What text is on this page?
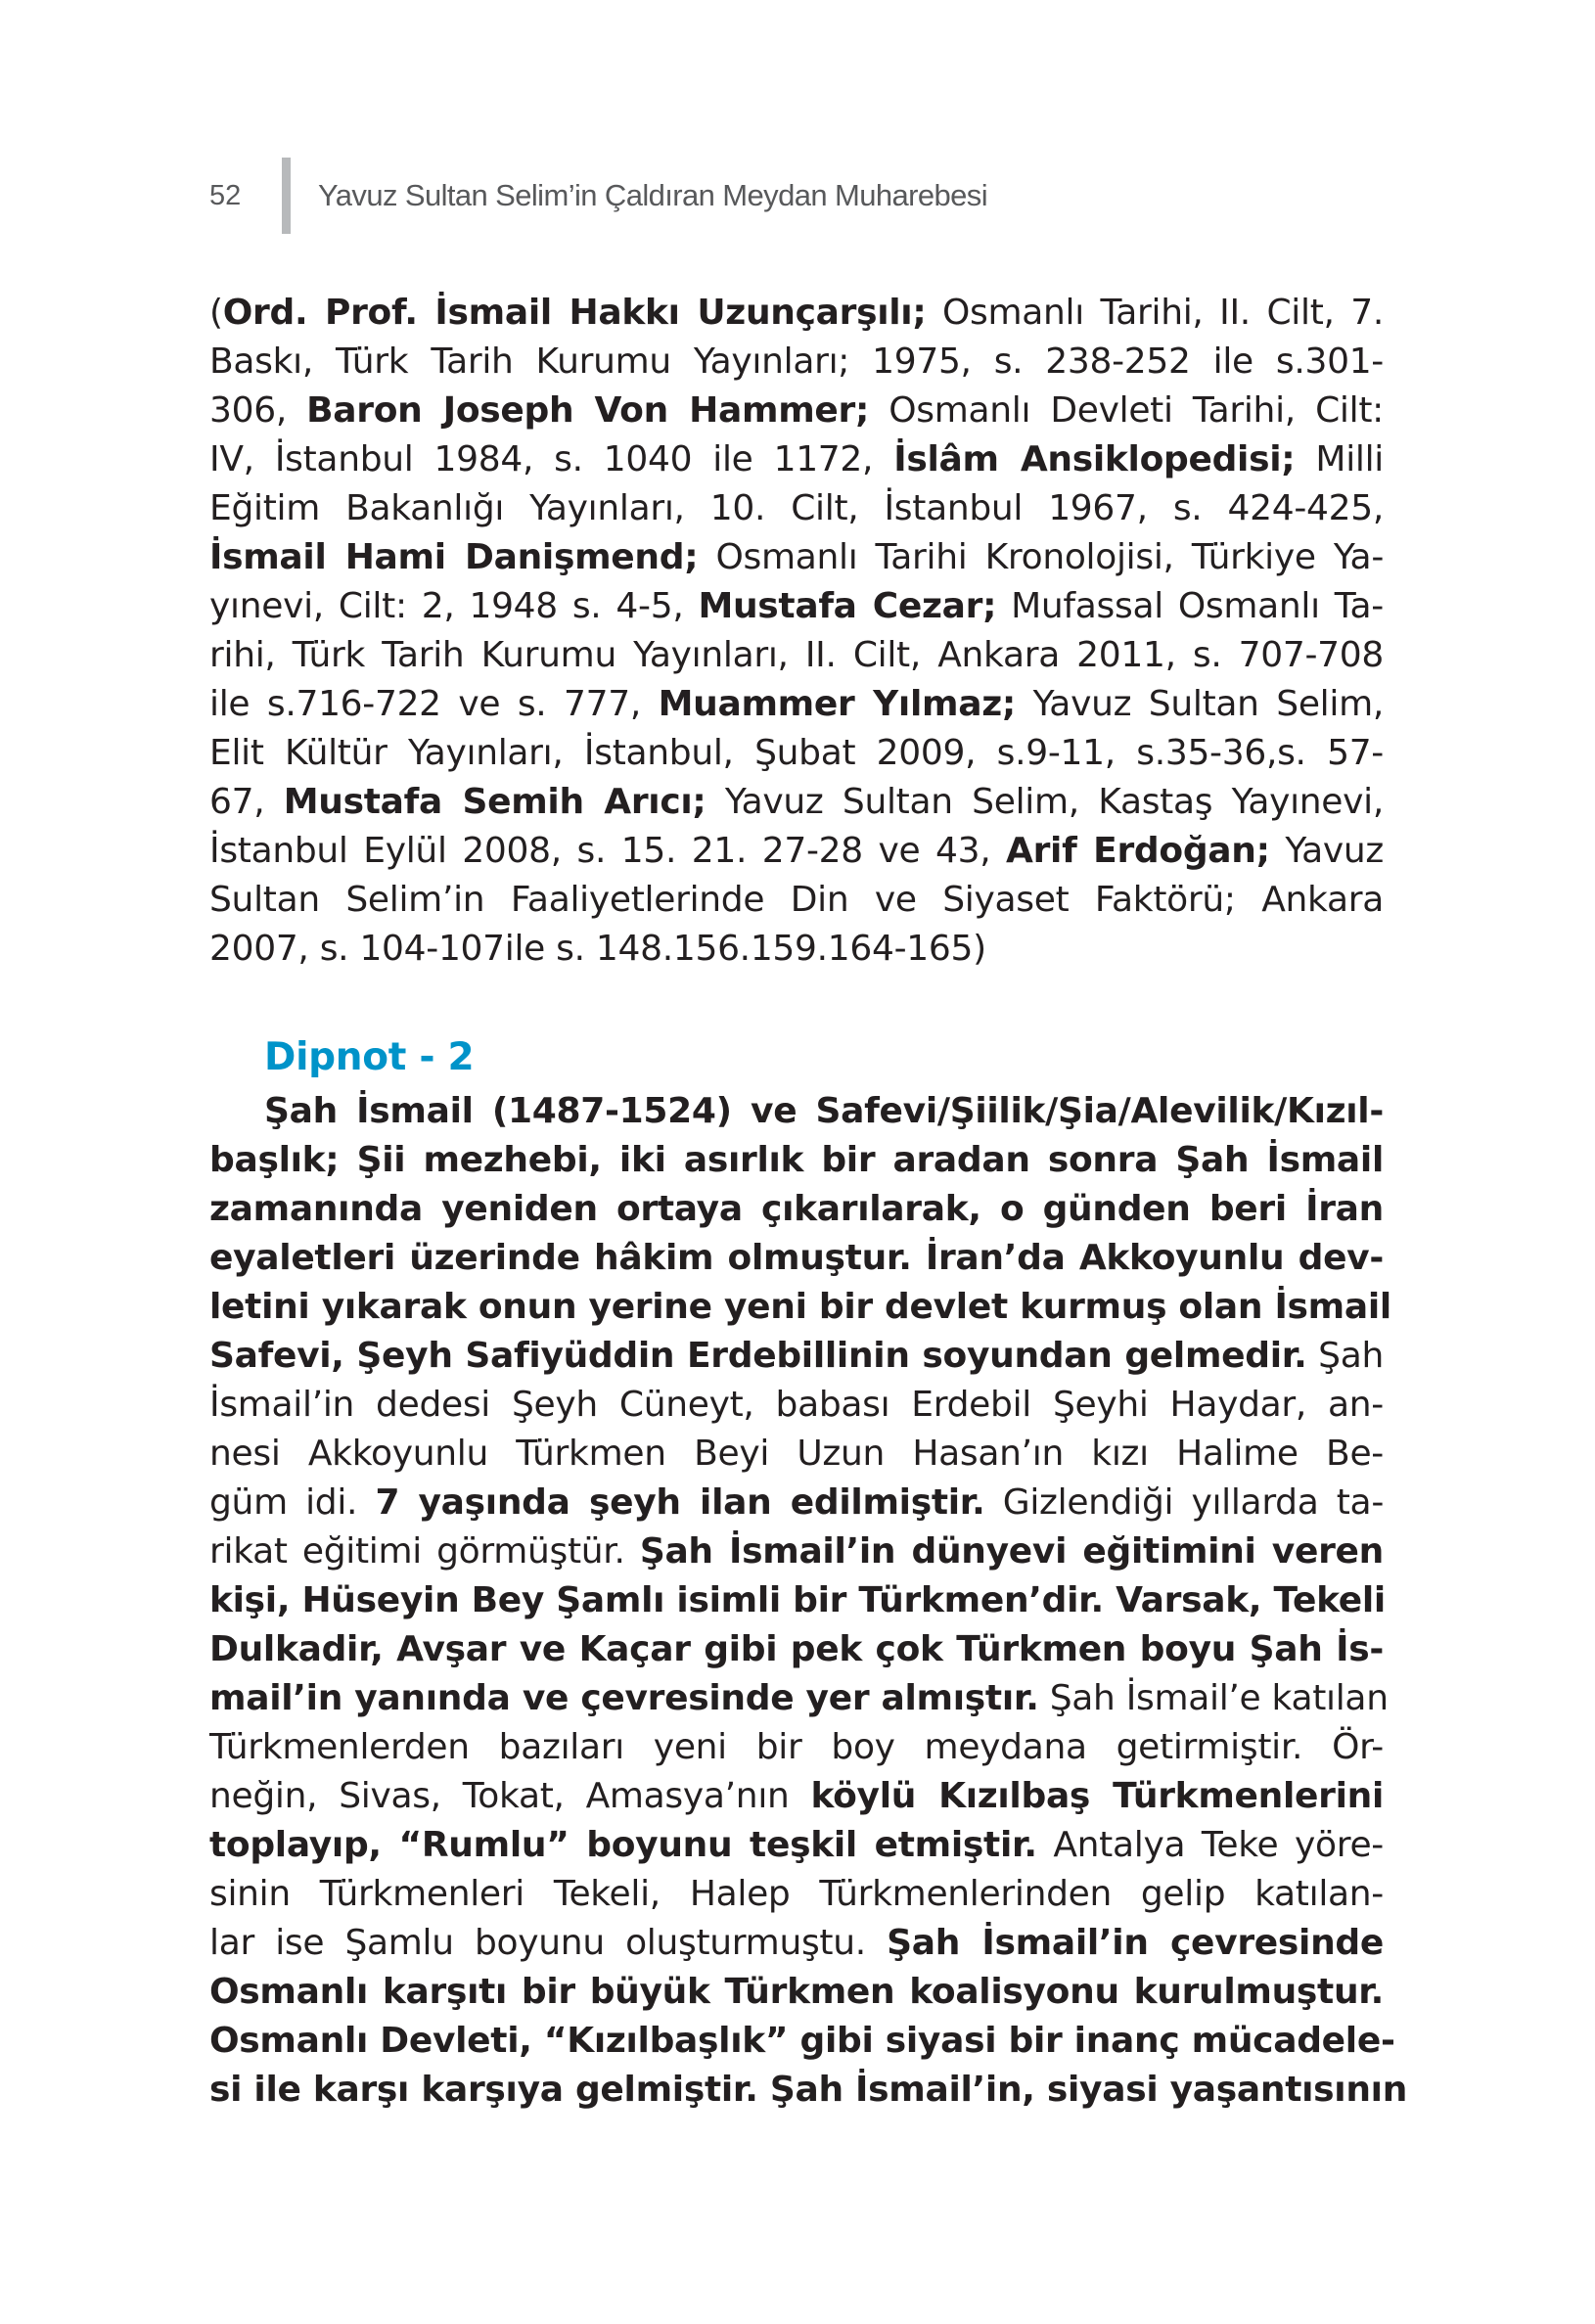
52	Yavuz Sultan Selim’in Çaldıran Meydan Muharebesi

(Ord. Prof. İsmail Hakkı Uzunçarşılı; Osmanlı Tarihi, II. Cilt, 7.
Baskı, Türk Tarih Kurumu Yayınları; 1975, s. 238-252 ile s.301-
306, Baron Joseph Von Hammer; Osmanlı Devleti Tarihi, Cilt:
IV, İstanbul 1984, s. 1040 ile 1172, İslâm Ansiklopedisi; Milli
Eğitim Bakanlığı Yayınları, 10. Cilt, İstanbul 1967, s. 424-425,
İsmail Hami Danişmend; Osmanlı Tarihi Kronolojisi, Türkiye Ya-
yınevi, Cilt: 2, 1948 s. 4-5, Mustafa Cezar; Mufassal Osmanlı Ta-
rihi, Türk Tarih Kurumu Yayınları, II. Cilt, Ankara 2011, s. 707-708
ile s.716-722 ve s. 777, Muammer Yılmaz; Yavuz Sultan Selim,
Elit Kültür Yayınları, İstanbul, Şubat 2009, s.9-11, s.35-36,s. 57-
67, Mustafa Semih Arıcı; Yavuz Sultan Selim, Kastaş Yayınevi,
İstanbul Eylül 2008, s. 15. 21. 27-28 ve 43, Arif Erdoğan; Yavuz
Sultan Selim’in Faaliyetlerinde Din ve Siyaset Faktörü; Ankara
2007, s. 104-107ile s. 148.156.159.164-165)

Dipnot - 2

Şah İsmail (1487-1524) ve Safevi/Şiilik/Şia/Alevilik/Kızıl-
başlık; Şii mezhebi, iki asırlık bir aradan sonra Şah İsmail
zamanında yeniden ortaya çıkarılarak, o günden beri İran
eyaletleri üzerinde hâkim olmuştur. İran’da Akkoyunlu dev-
letini yıkarak onun yerine yeni bir devlet kurmuş olan İsmail
Safevi, Şeyh Safiyüddin Erdebillinin soyundan gelmedir. Şah
İsmail’in dedesi Şeyh Cüneyt, babası Erdebil Şeyhi Haydar, an-
nesi Akkoyunlu Türkmen Beyi Uzun Hasan’ın kızı Halime Be-
güm idi. 7 yaşında şeyh ilan edilmiştir. Gizlendiği yıllarda ta-
rikat eğitimi görmüştür. Şah İsmail’in dünyevi eğitimini veren
kişi, Hüseyin Bey Şamlı isimli bir Türkmen’dir. Varsak, Tekeli
Dulkadir, Avşar ve Kaçar gibi pek çok Türkmen boyu Şah İs-
mail’in yanında ve çevresinde yer almıştır. Şah İsmail’e katılan
Türkmenlerden bazıları yeni bir boy meydana getirmiştir. Ör-
neğin, Sivas, Tokat, Amasya’nın köylü Kızılbaş Türkmenlerini
toplayıp, “Rumlu” boyunu teşkil etmiştir. Antalya Teke yöre-
sinin Türkmenleri Tekeli, Halep Türkmenlerinden gelip katılan-
lar ise Şamlu boyunu oluşturmuştu. Şah İsmail’in çevresinde
Osmanlı karşıtı bir büyük Türkmen koalisyonu kurulmuştur.
Osmanlı Devleti, “Kızılbaşlık” gibi siyasi bir inanç mücadele-
si ile karşı karşıya gelmiştir. Şah İsmail’in, siyasi yaşantısının
